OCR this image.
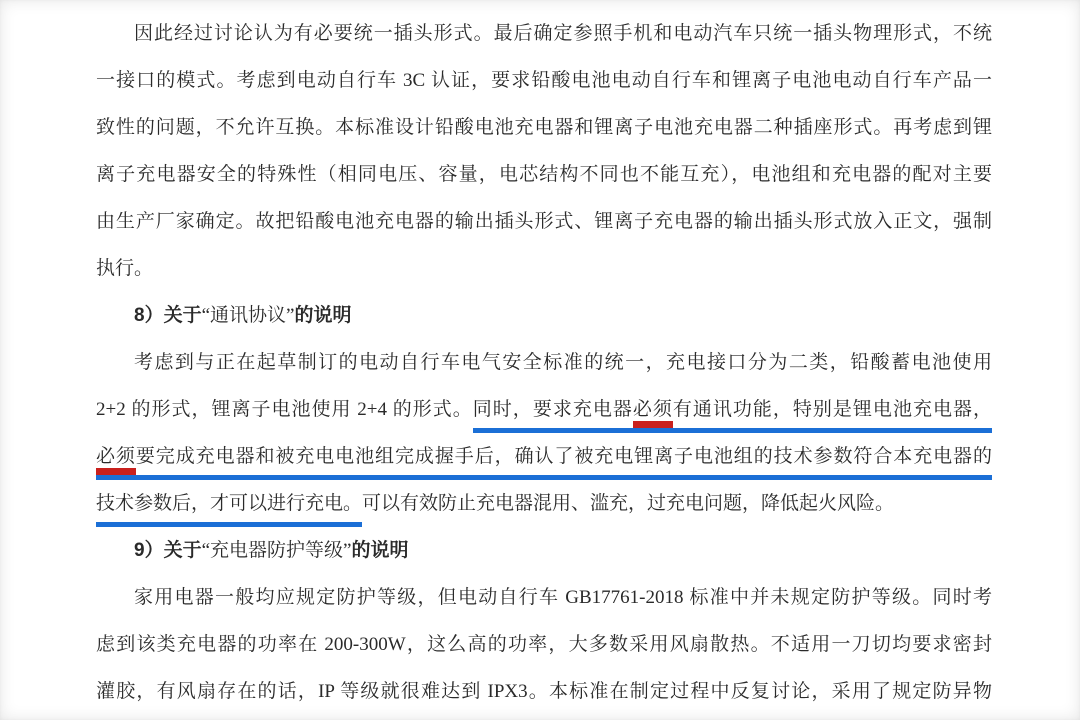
因此经过讨论认为有必要统一插头形式。最后确定参照手机和电动汽车只统一插头物理形式，不统
一接口的模式。考虑到电动自行车 3C 认证，要求铅酸电池电动自行车和锂离子电池电动自行车产品一
致性的问题，不允许互换。本标准设计铅酸电池充电器和锂离子电池充电器二种插座形式。再考虑到锂
离子充电器安全的特殊性（相同电压、容量，电芯结构不同也不能互充），电池组和充电器的配对主要
由生产厂家确定。故把铅酸电池充电器的输出插头形式、锂离子充电器的输出插头形式放入正文，强制
执行。
8）关于“通讯协议”的说明
考虑到与正在起草制订的电动自行车电气安全标准的统一，充电接口分为二类，铅酸蓄电池使用
2+2 的形式，锂离子电池使用 2+4 的形式。同时，要求充电器必须有通讯功能，特别是锂电池充电器，
必须要完成充电器和被充电电池组完成握手后，确认了被充电锂离子电池组的技术参数符合本充电器的
技术参数后，才可以进行充电。可以有效防止充电器混用、滥充，过充电问题，降低起火风险。
9）关于“充电器防护等级”的说明
家用电器一般均应规定防护等级，但电动自行车 GB17761-2018 标准中并未规定防护等级。同时考
虑到该类充电器的功率在 200-300W，这么高的功率，大多数采用风扇散热。不适用一刀切均要求密封
灌胶，有风扇存在的话，IP 等级就很难达到 IPX3。本标准在制定过程中反复讨论，采用了规定防异物
